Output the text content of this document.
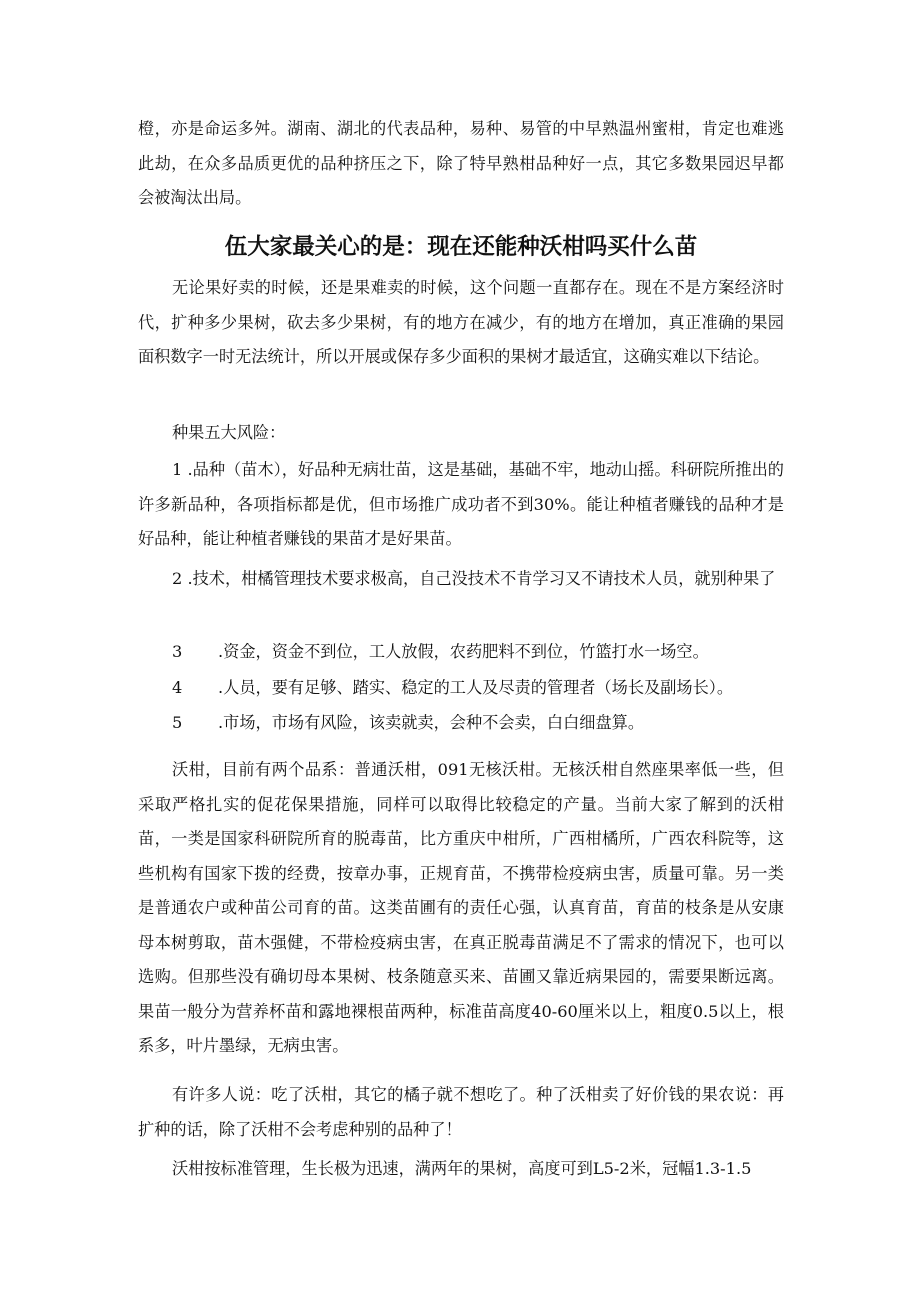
橙，亦是命运多舛。湖南、湖北的代表品种，易种、易管的中早熟温州蜜柑，肯定也难逃此劫，在众多品质更优的品种挤压之下，除了特早熟柑品种好一点，其它多数果园迟早都会被淘汰出局。

伍大家最关心的是：现在还能种沃柑吗买什么苗

无论果好卖的时候，还是果难卖的时候，这个问题一直都存在。现在不是方案经济时代，扩种多少果树，砍去多少果树，有的地方在减少，有的地方在增加，真正准确的果园面积数字一时无法统计，所以开展或保存多少面积的果树才最适宜，这确实难以下结论。

种果五大风险：

1 .品种（苗木），好品种无病壮苗，这是基础，基础不牢，地动山摇。科研院所推出的许多新品种，各项指标都是优，但市场推广成功者不到30%。能让种植者赚钱的品种才是好品种，能让种植者赚钱的果苗才是好果苗。

2 .技术，柑橘管理技术要求极高，自己没技术不肯学习又不请技术人员，就别种果了

3 .资金，资金不到位，工人放假，农药肥料不到位，竹篮打水一场空。
4 .人员，要有足够、踏实、稳定的工人及尽责的管理者（场长及副场长）。
5 .市场，市场有风险，该卖就卖，会种不会卖，白白细盘算。

沃柑，目前有两个品系：普通沃柑，091无核沃柑。无核沃柑自然座果率低一些，但采取严格扎实的促花保果措施，同样可以取得比较稳定的产量。当前大家了解到的沃柑苗，一类是国家科研院所育的脱毒苗，比方重庆中柑所，广西柑橘所，广西农科院等，这些机构有国家下拨的经费，按章办事，正规育苗，不携带检疫病虫害，质量可靠。另一类是普通农户或种苗公司育的苗。这类苗圃有的责任心强，认真育苗，育苗的枝条是从安康母本树剪取，苗木强健，不带检疫病虫害，在真正脱毒苗满足不了需求的情况下，也可以选购。但那些没有确切母本果树、枝条随意买来、苗圃又靠近病果园的，需要果断远离。果苗一般分为营养杯苗和露地裸根苗两种，标准苗高度40-60厘米以上，粗度0.5以上，根系多，叶片墨绿，无病虫害。

有许多人说：吃了沃柑，其它的橘子就不想吃了。种了沃柑卖了好价钱的果农说：再扩种的话，除了沃柑不会考虑种别的品种了！

沃柑按标准管理，生长极为迅速，满两年的果树，高度可到L5-2米，冠幅1.3-1.5
